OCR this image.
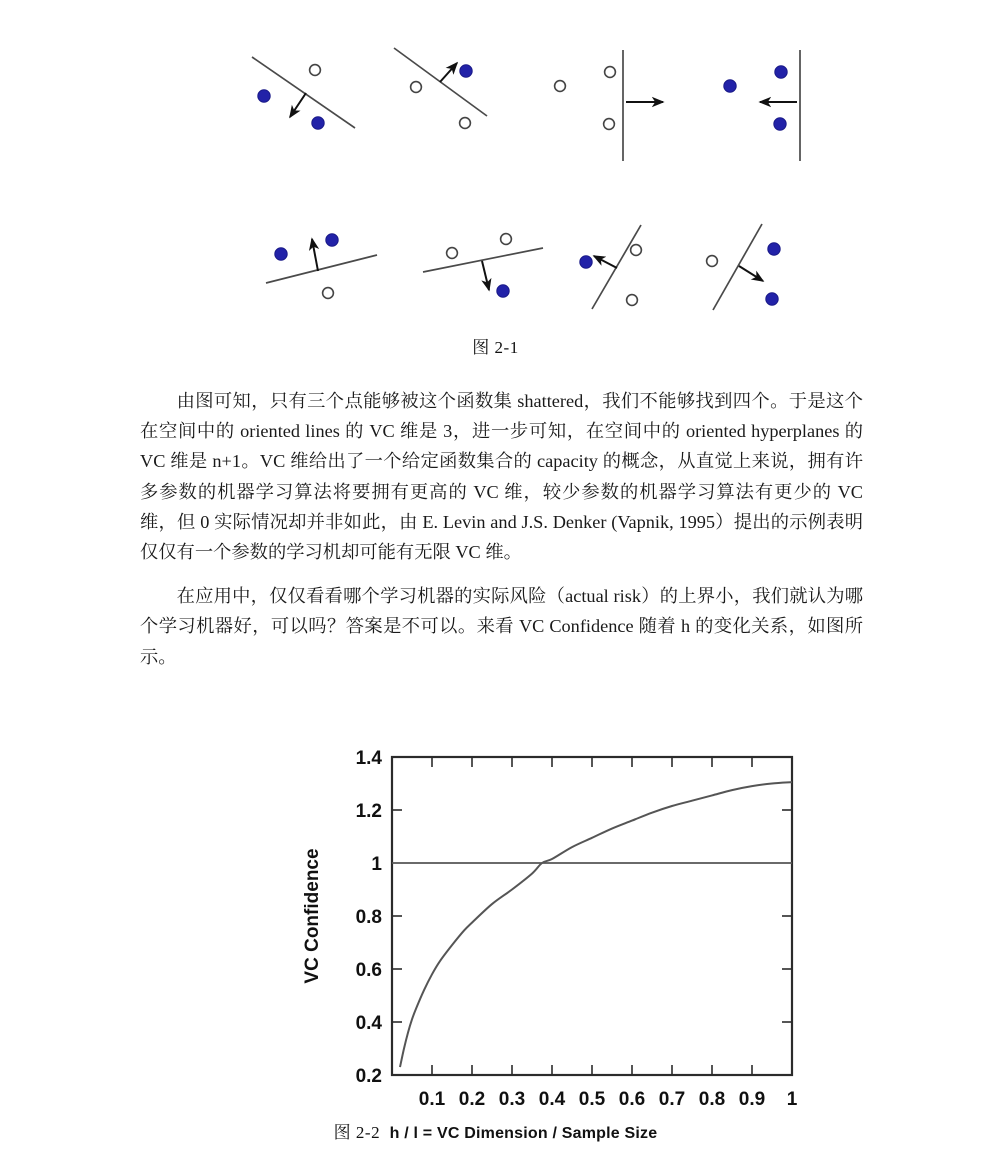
图 2-1

由图可知，只有三个点能够被这个函数集 shattered，我们不能够找到四个。于是这个在空间中的 oriented lines 的 VC 维是 3，进一步可知，在空间中的 oriented hyperplanes 的 VC 维是 n+1。VC 维给出了一个给定函数集合的 capacity 的概念，从直觉上来说，拥有许多参数的机器学习算法将要拥有更高的 VC 维，较少参数的机器学习算法有更少的 VC 维，但 0 实际情况却并非如此，由 E. Levin and J.S. Denker (Vapnik, 1995）提出的示例表明仅仅有一个参数的学习机却可能有无限 VC 维。

在应用中，仅仅看看哪个学习机器的实际风险（actual risk）的上界小，我们就认为哪个学习机器好，可以吗？答案是不可以。来看 VC Confidence 随着 h 的变化关系，如图所示。

1.4
1.2
1
0.8
0.6
0.4
0.2
0.1 0.2 0.3 0.4 0.5 0.6 0.7 0.8 0.9 1
VC Confidence
图 2-2 h / l = VC Dimension / Sample Size
